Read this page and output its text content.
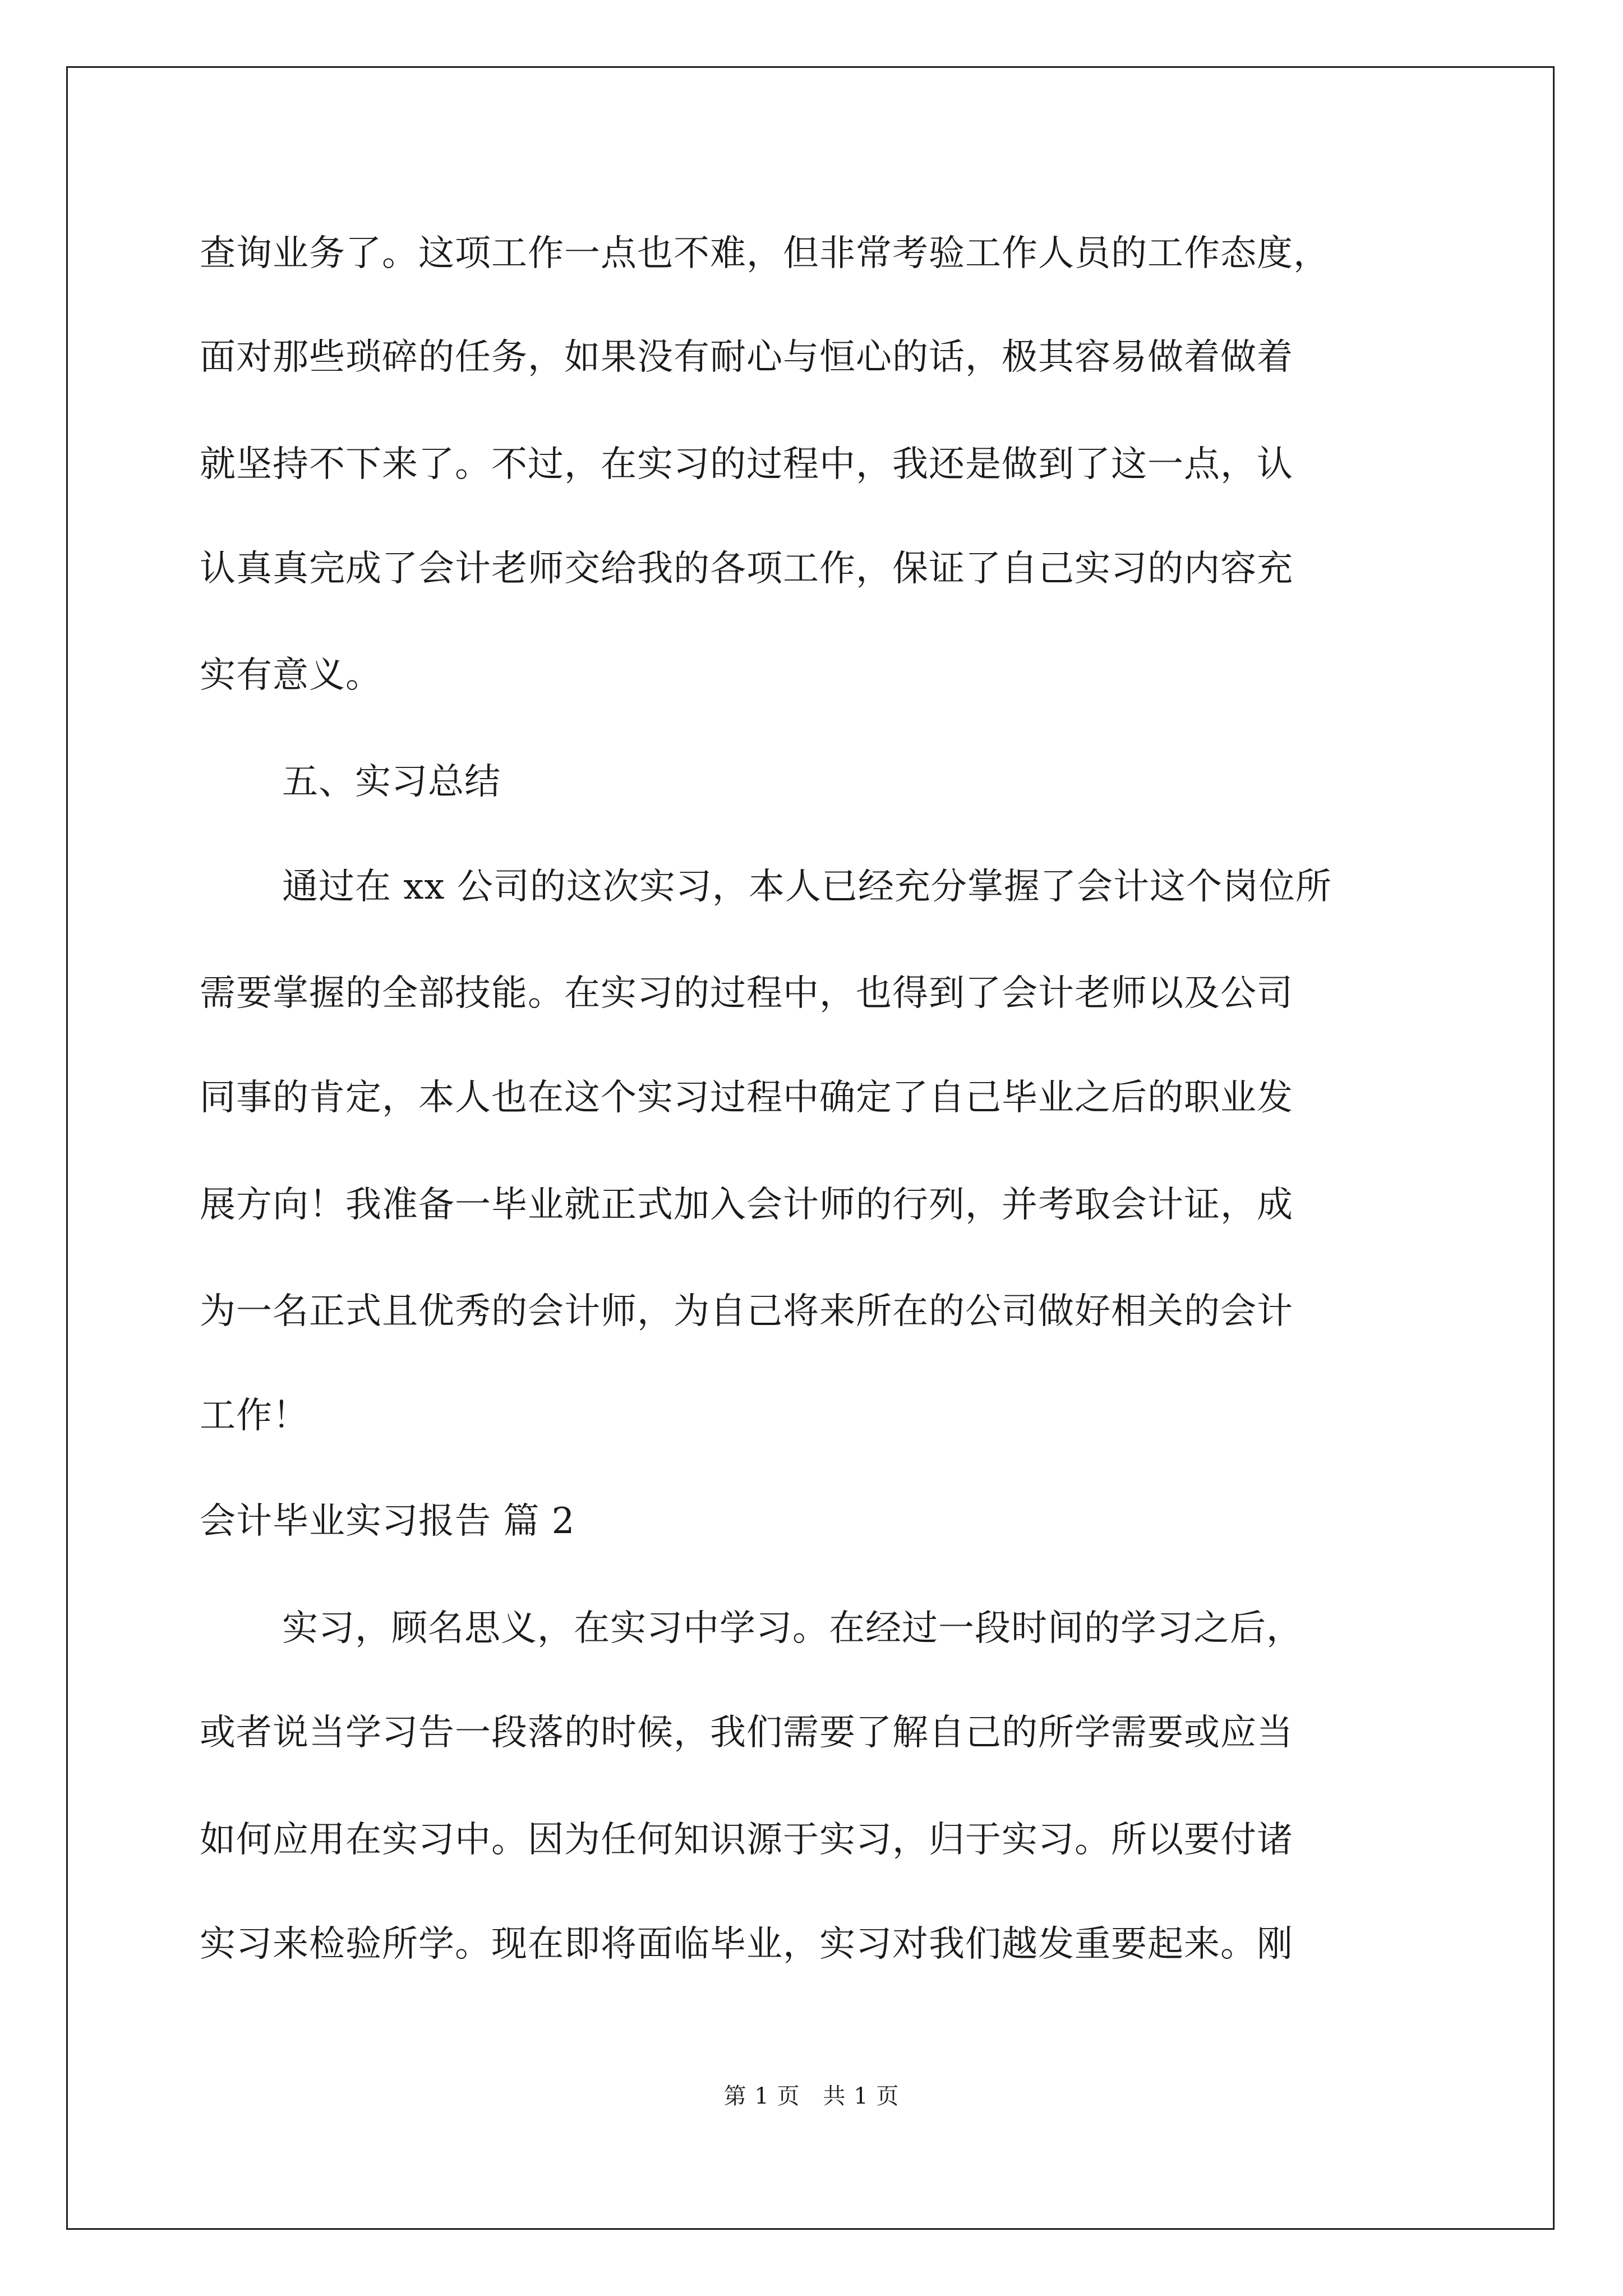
查询业务了。这项工作一点也不难，但非常考验工作人员的工作态度，
面对那些琐碎的任务，如果没有耐心与恒心的话，极其容易做着做着
就坚持不下来了。不过，在实习的过程中，我还是做到了这一点，认
认真真完成了会计老师交给我的各项工作，保证了自己实习的内容充
实有意义。
五、实习总结
通过在 xx 公司的这次实习，本人已经充分掌握了会计这个岗位所
需要掌握的全部技能。在实习的过程中，也得到了会计老师以及公司
同事的肯定，本人也在这个实习过程中确定了自己毕业之后的职业发
展方向！我准备一毕业就正式加入会计师的行列，并考取会计证，成
为一名正式且优秀的会计师，为自己将来所在的公司做好相关的会计
工作！
会计毕业实习报告 篇 2
实习，顾名思义，在实习中学习。在经过一段时间的学习之后，
或者说当学习告一段落的时候，我们需要了解自己的所学需要或应当
如何应用在实习中。因为任何知识源于实习，归于实习。所以要付诸
实习来检验所学。现在即将面临毕业，实习对我们越发重要起来。刚
第 1 页　共 1 页
